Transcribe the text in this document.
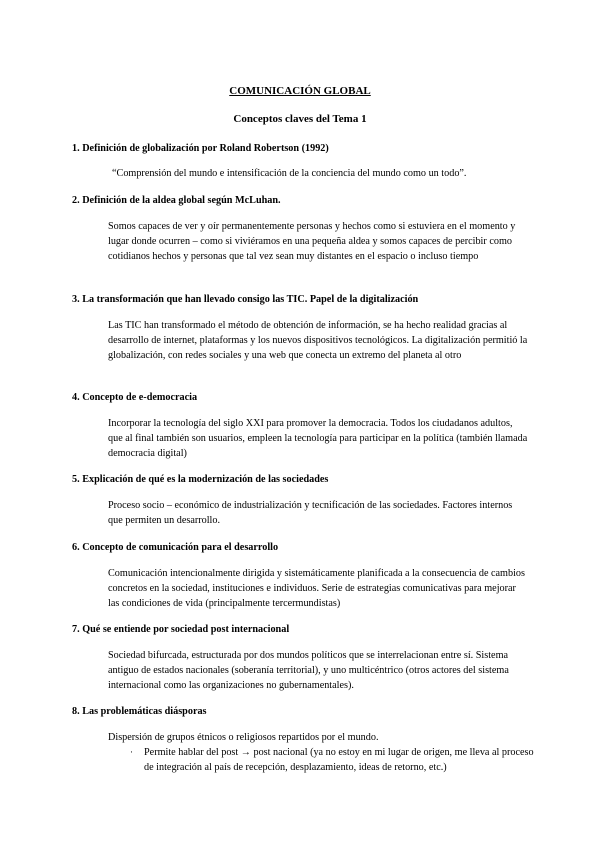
COMUNICACIÓN GLOBAL
Conceptos claves del Tema 1
1. Definición de globalización por Roland Robertson (1992)
“Comprensión del mundo e intensificación de la conciencia del mundo como un todo”.
2. Definición de la aldea global según McLuhan.
Somos capaces de ver y oír permanentemente personas y hechos como si estuviera en el momento y lugar donde ocurren – como si viviéramos en una pequeña aldea y somos capaces de percibir como cotidianos hechos y personas que tal vez sean muy distantes en el espacio o incluso tiempo
3. La transformación que han llevado consigo las TIC. Papel de la digitalización
Las TIC han transformado el método de obtención de información, se ha hecho realidad gracias al desarrollo de internet, plataformas y los nuevos dispositivos tecnológicos. La digitalización permitió la globalización, con redes sociales y una web que conecta un extremo del planeta al otro
4. Concepto de e-democracia
Incorporar la tecnología del siglo XXI para promover la democracia. Todos los ciudadanos adultos, que al final también son usuarios, empleen la tecnología para participar en la política (también llamada democracia digital)
5. Explicación de qué es la modernización de las sociedades
Proceso socio – económico de industrialización y tecnificación de las sociedades. Factores internos que permiten un desarrollo.
6. Concepto de comunicación para el desarrollo
Comunicación intencionalmente dirigida y sistemáticamente planificada a la consecuencia de cambios concretos en la sociedad, instituciones e individuos. Serie de estrategias comunicativas para mejorar las condiciones de vida (principalmente tercermundistas)
7. Qué se entiende por sociedad post internacional
Sociedad bifurcada, estructurada por dos mundos políticos que se interrelacionan entre sí. Sistema antiguo de estados nacionales (soberanía territorial), y uno multicéntrico (otros actores del sistema internacional como las organizaciones no gubernamentales).
8. Las problemáticas diásporas
Dispersión de grupos étnicos o religiosos repartidos por el mundo.
· Permite hablar del post → post nacional (ya no estoy en mi lugar de origen, me lleva al proceso de integración al país de recepción, desplazamiento, ideas de retorno, etc.)
